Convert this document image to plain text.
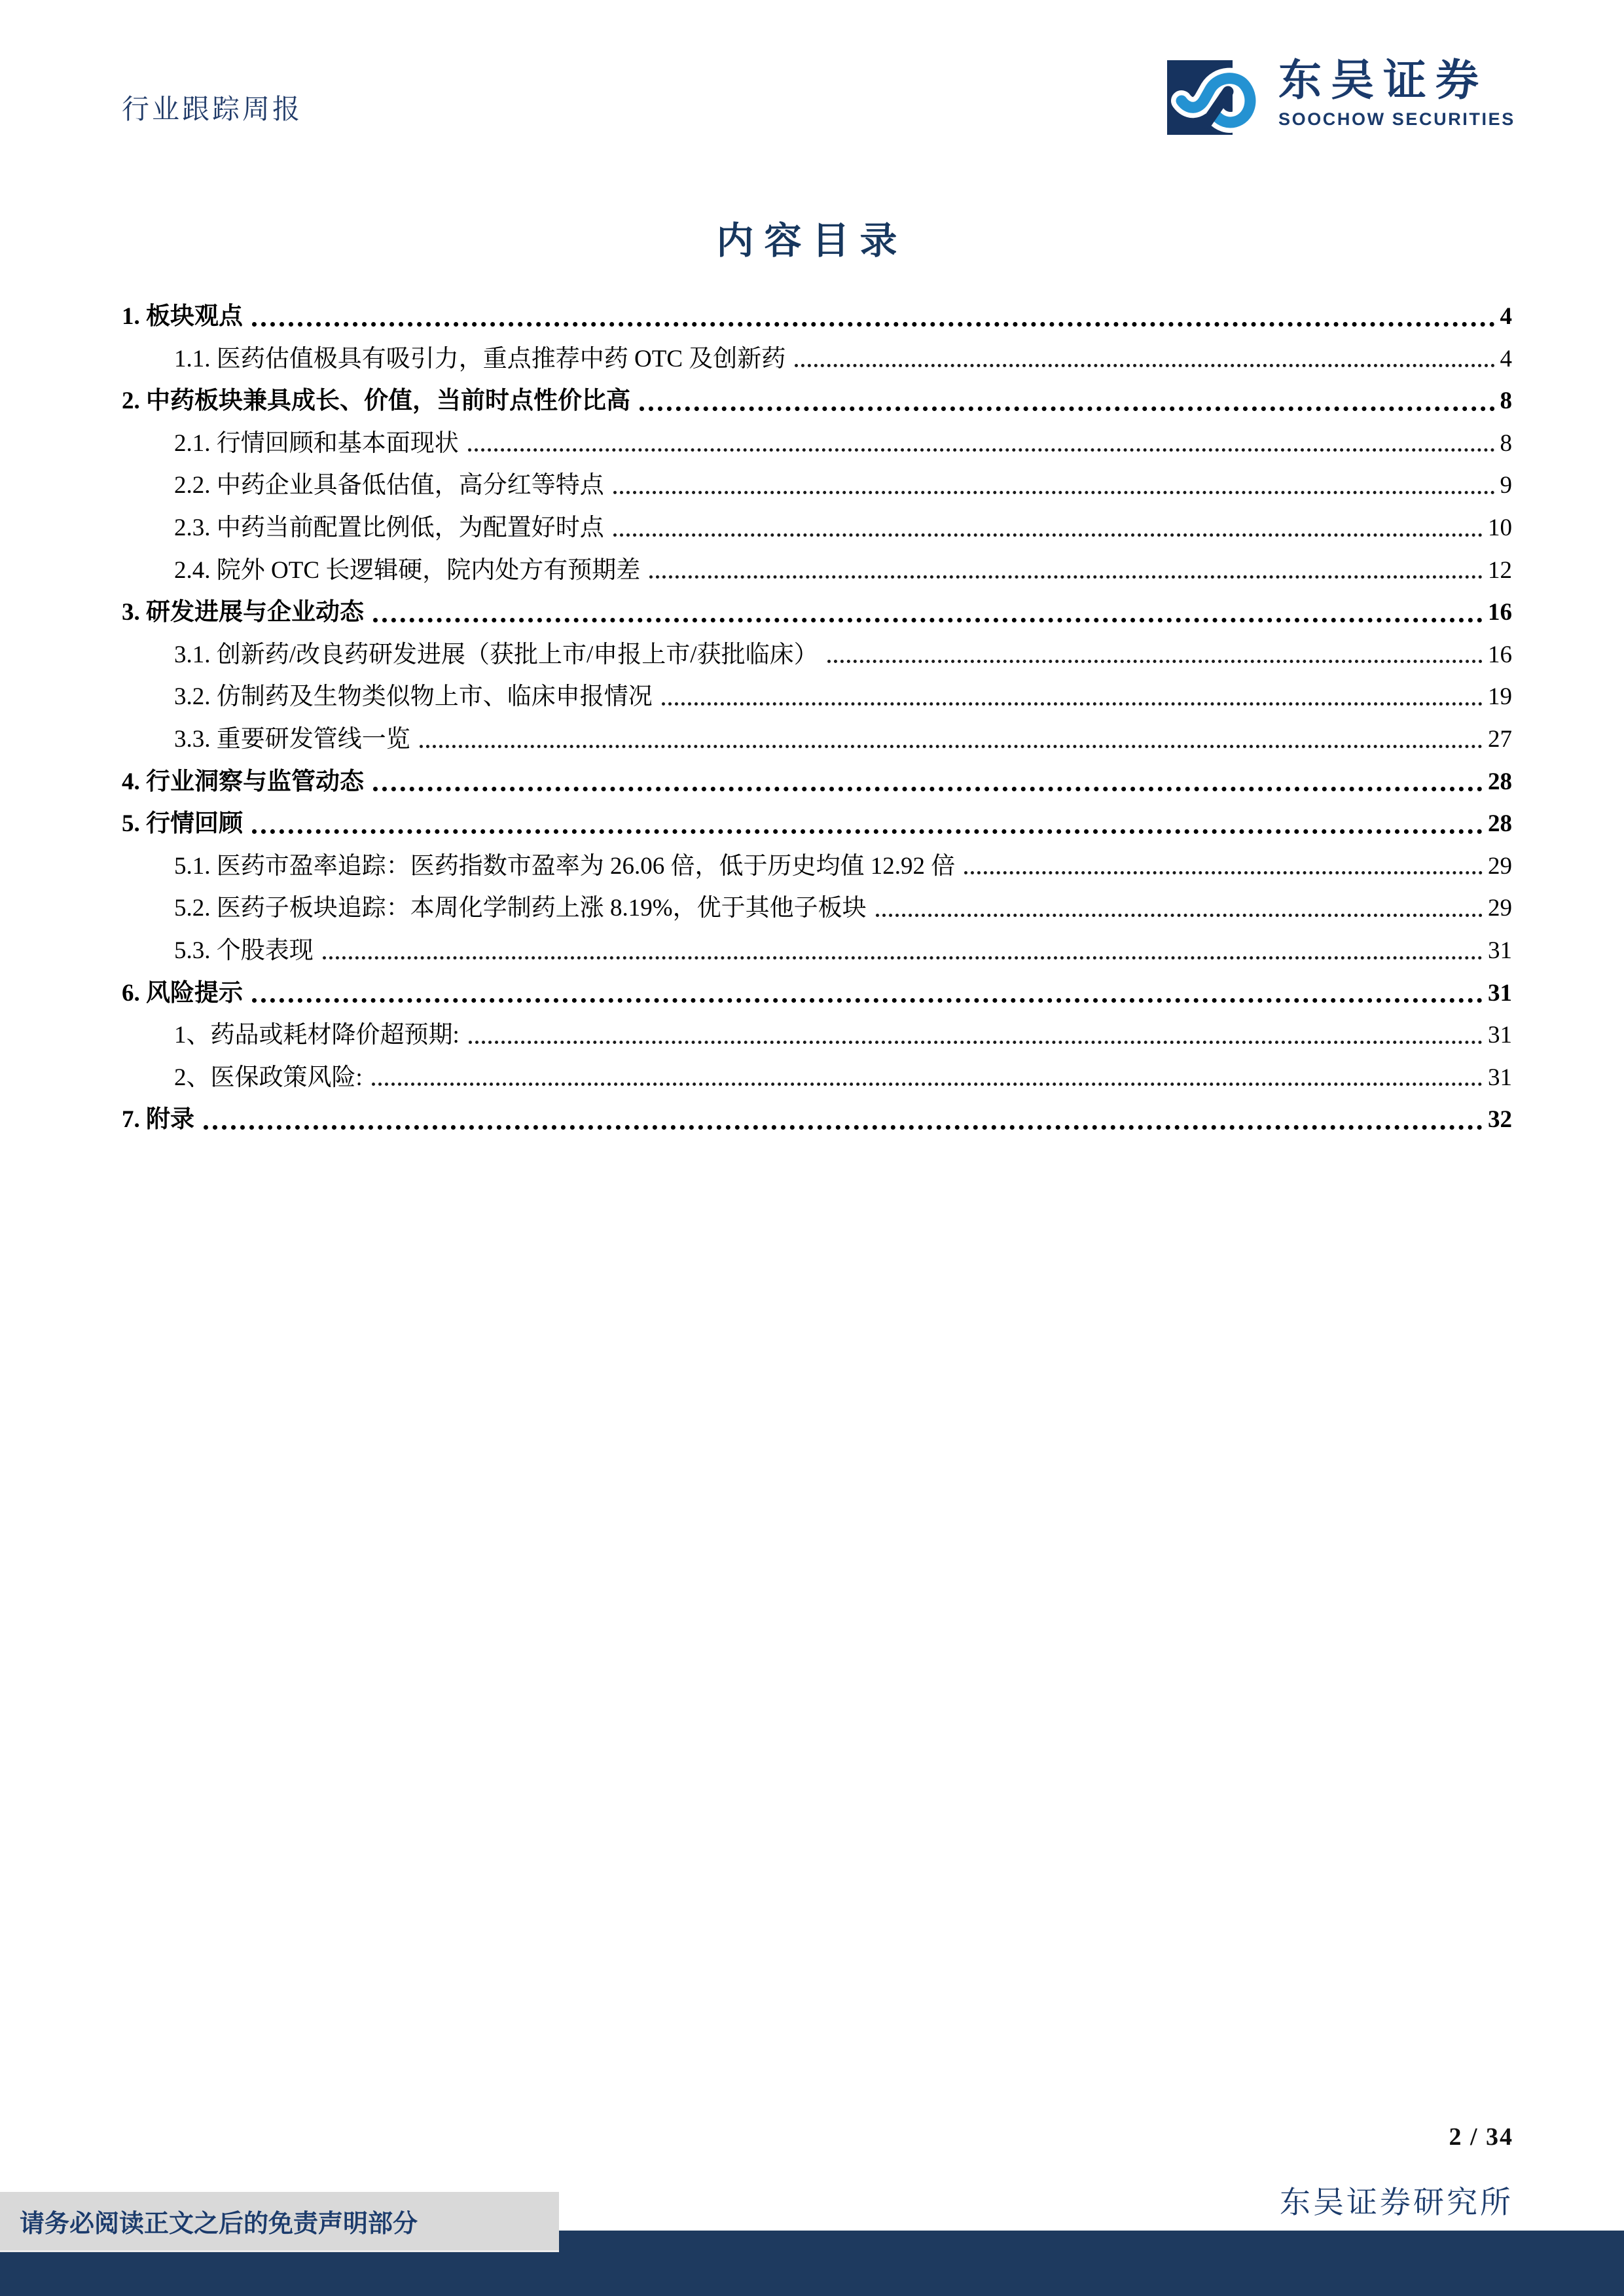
行业跟踪周报
东吴证券
SOOCHOW SECURITIES
内容目录
1. 板块观点	4
1.1. 医药估值极具有吸引力，重点推荐中药 OTC 及创新药	4
2. 中药板块兼具成长、价值，当前时点性价比高	8
2.1. 行情回顾和基本面现状	8
2.2. 中药企业具备低估值，高分红等特点	9
2.3. 中药当前配置比例低，为配置好时点	10
2.4. 院外 OTC 长逻辑硬，院内处方有预期差	12
3. 研发进展与企业动态	16
3.1. 创新药/改良药研发进展（获批上市/申报上市/获批临床）	16
3.2. 仿制药及生物类似物上市、临床申报情况	19
3.3. 重要研发管线一览	27
4. 行业洞察与监管动态	28
5. 行情回顾	28
5.1. 医药市盈率追踪：医药指数市盈率为 26.06 倍，低于历史均值 12.92 倍	29
5.2. 医药子板块追踪：本周化学制药上涨 8.19%，优于其他子板块	29
5.3. 个股表现	31
6. 风险提示	31
1、药品或耗材降价超预期:	31
2、医保政策风险:	31
7. 附录	32
2 / 34
东吴证券研究所
请务必阅读正文之后的免责声明部分
